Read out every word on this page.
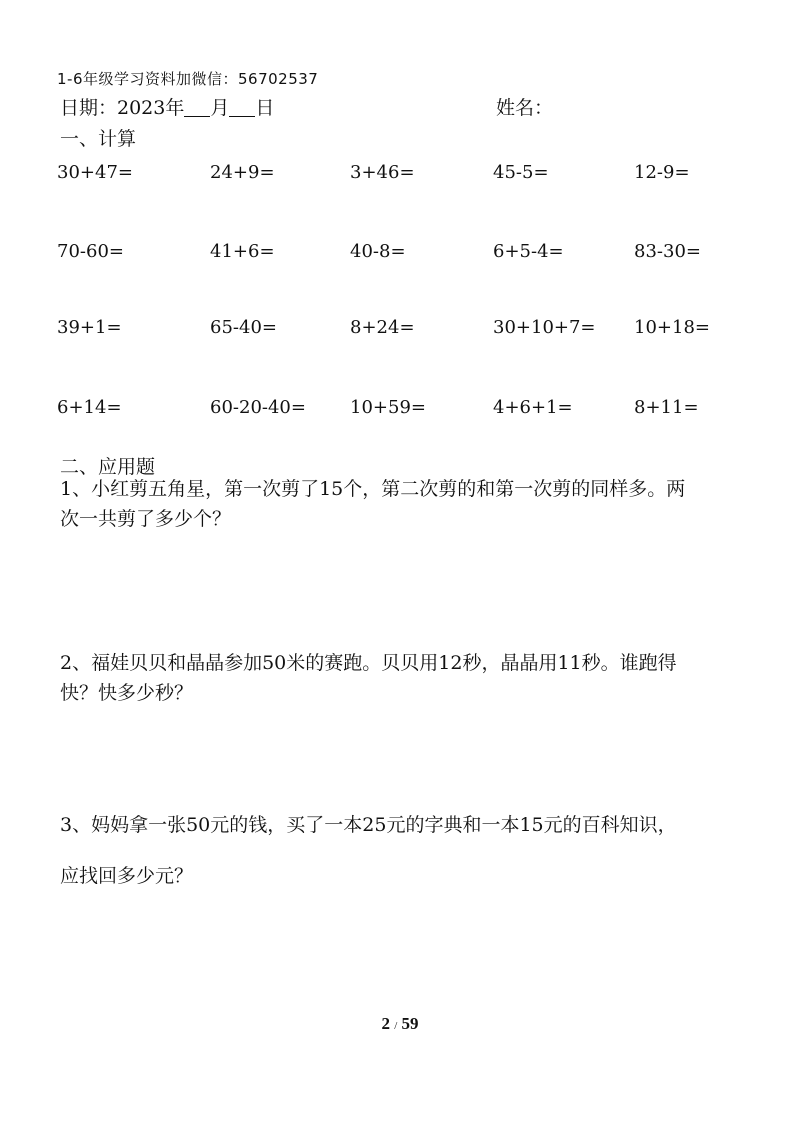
1-6年级学习资料加微信：56702537
日期：2023年 月 日	姓名：
一、计算
30+47=	24+9=	3+46=	45-5=	12-9=
70-60=	41+6=	40-8=	6+5-4=	83-30=
39+1=	65-40=	8+24=	30+10+7= 10+18=
6+14=	60-20-40= 10+59=	4+6+1=	8+11=
二、应用题
1、小红剪五角星，第一次剪了15个，第二次剪的和第一次剪的同样多。两
次一共剪了多少个？
2、福娃贝贝和晶晶参加50米的赛跑。贝贝用12秒，晶晶用11秒。谁跑得
快？快多少秒？
3、妈妈拿一张50元的钱，买了一本25元的字典和一本15元的百科知识，
应找回多少元？
2 / 59
